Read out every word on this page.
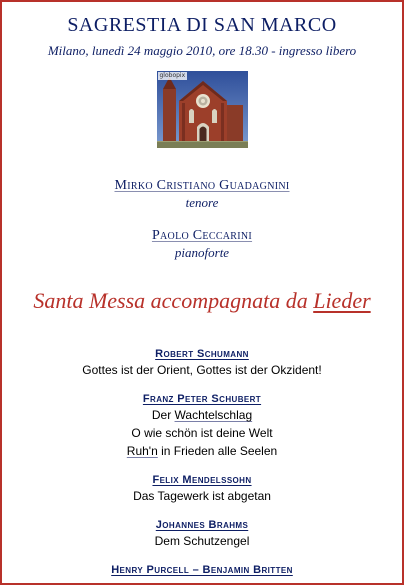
SAGRESTIA DI SAN MARCO
Milano, lunedì 24 maggio 2010, ore 18.30 - ingresso libero
globopix
Mirko Cristiano Guadagnini
tenore
Paolo Ceccarini
pianoforte
Santa Messa accompagnata da Lieder
Robert Schumann
Gottes ist der Orient, Gottes ist der Okzident!
Franz Peter Schubert
Der Wachtelschlag
O wie schön ist deine Welt
Ruh'n in Frieden alle Seelen
Felix Mendelssohn
Das Tagewerk ist abgetan
Johannes Brahms
Dem Schutzengel
Henry Purcell – Benjamin Britten
